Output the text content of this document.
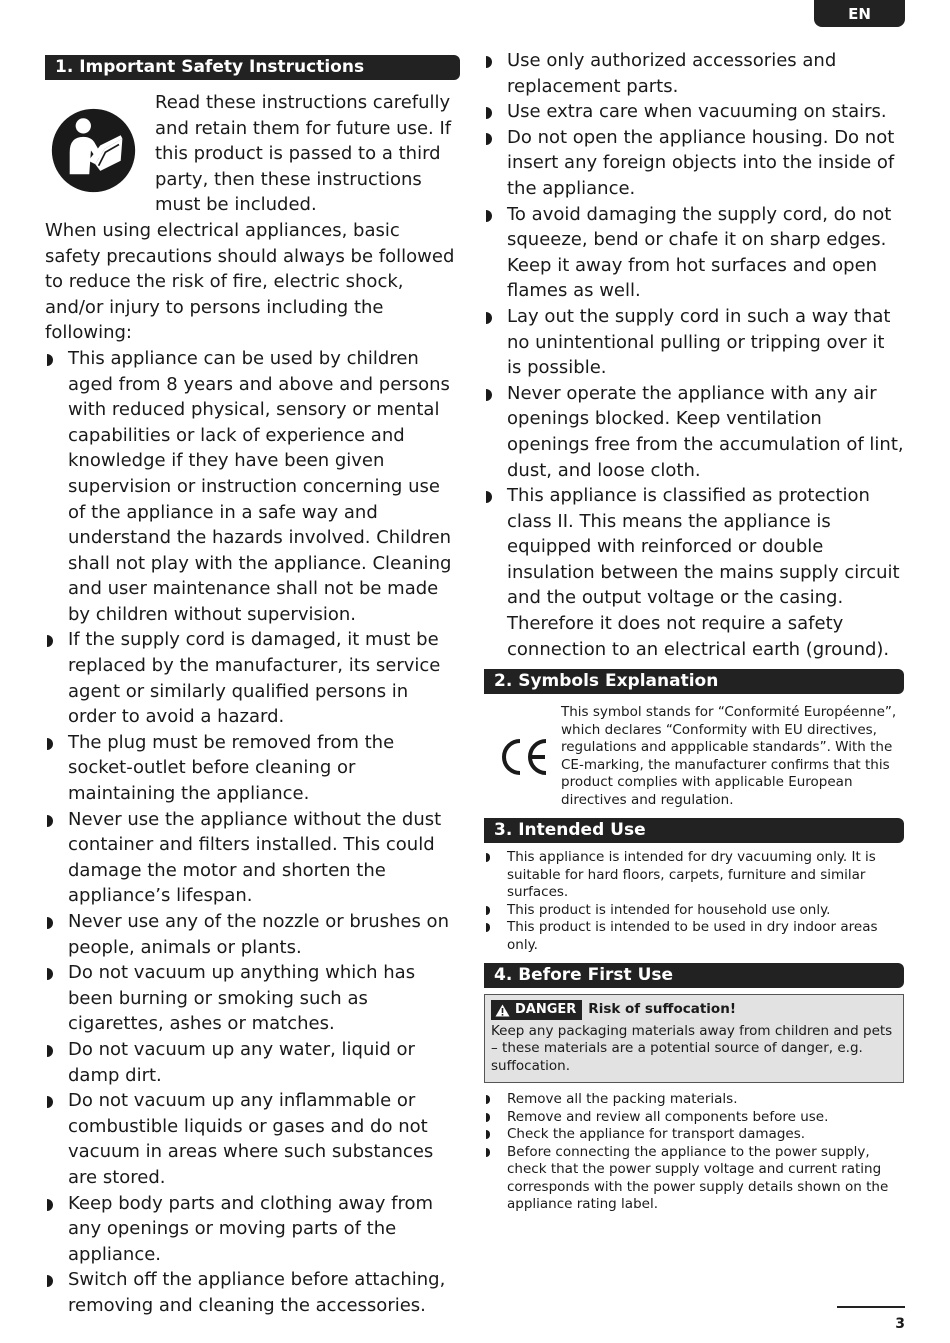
EN
1. Important Safety Instructions
Read these instructions carefully and retain them for future use. If this product is passed to a third party, then these instructions must be included.

When using electrical appliances, basic safety precautions should always be followed to reduce the risk of fire, electric shock, and/or injury to persons including the following:

This appliance can be used by children aged from 8 years and above and persons with reduced physical, sensory or mental capabilities or lack of experience and knowledge if they have been given supervision or instruction concerning use of the appliance in a safe way and understand the hazards involved. Children shall not play with the appliance. Cleaning and user maintenance shall not be made by children without supervision.
If the supply cord is damaged, it must be replaced by the manufacturer, its service agent or similarly qualified persons in order to avoid a hazard.
The plug must be removed from the socket-outlet before cleaning or maintaining the appliance.
Never use the appliance without the dust container and filters installed. This could damage the motor and shorten the appliance’s lifespan.
Never use any of the nozzle or brushes on people, animals or plants.
Do not vacuum up anything which has been burning or smoking such as cigarettes, ashes or matches.
Do not vacuum up any water, liquid or damp dirt.
Do not vacuum up any inflammable or combustible liquids or gases and do not vacuum in areas where such substances are stored.
Keep body parts and clothing away from any openings or moving parts of the appliance.
Switch off the appliance before attaching, removing and cleaning the accessories.
Use only authorized accessories and replacement parts.
Use extra care when vacuuming on stairs.
Do not open the appliance housing. Do not insert any foreign objects into the inside of the appliance.
To avoid damaging the supply cord, do not squeeze, bend or chafe it on sharp edges. Keep it away from hot surfaces and open flames as well.
Lay out the supply cord in such a way that no unintentional pulling or tripping over it is possible.
Never operate the appliance with any air openings blocked. Keep ventilation openings free from the accumulation of lint, dust, and loose cloth.
This appliance is classified as protection class II. This means the appliance is equipped with reinforced or double insulation between the mains supply circuit and the output voltage or the casing. Therefore it does not require a safety connection to an electrical earth (ground).
2. Symbols Explanation
This symbol stands for “Conformité Européenne”, which declares “Conformity with EU directives, regulations and appplicable standards”. With the CE-marking, the manufacturer confirms that this product complies with applicable European directives and regulation.
3. Intended Use
This appliance is intended for dry vacuuming only. It is suitable for hard floors, carpets, furniture and similar surfaces.
This product is intended for household use only.
This product is intended to be used in dry indoor areas only.
4. Before First Use
DANGER Risk of suffocation!
Keep any packaging materials away from children and pets – these materials are a potential source of danger, e.g. suffocation.
Remove all the packing materials.
Remove and review all components before use.
Check the appliance for transport damages.
Before connecting the appliance to the power supply, check that the power supply voltage and current rating corresponds with the power supply details shown on the appliance rating label.
3
